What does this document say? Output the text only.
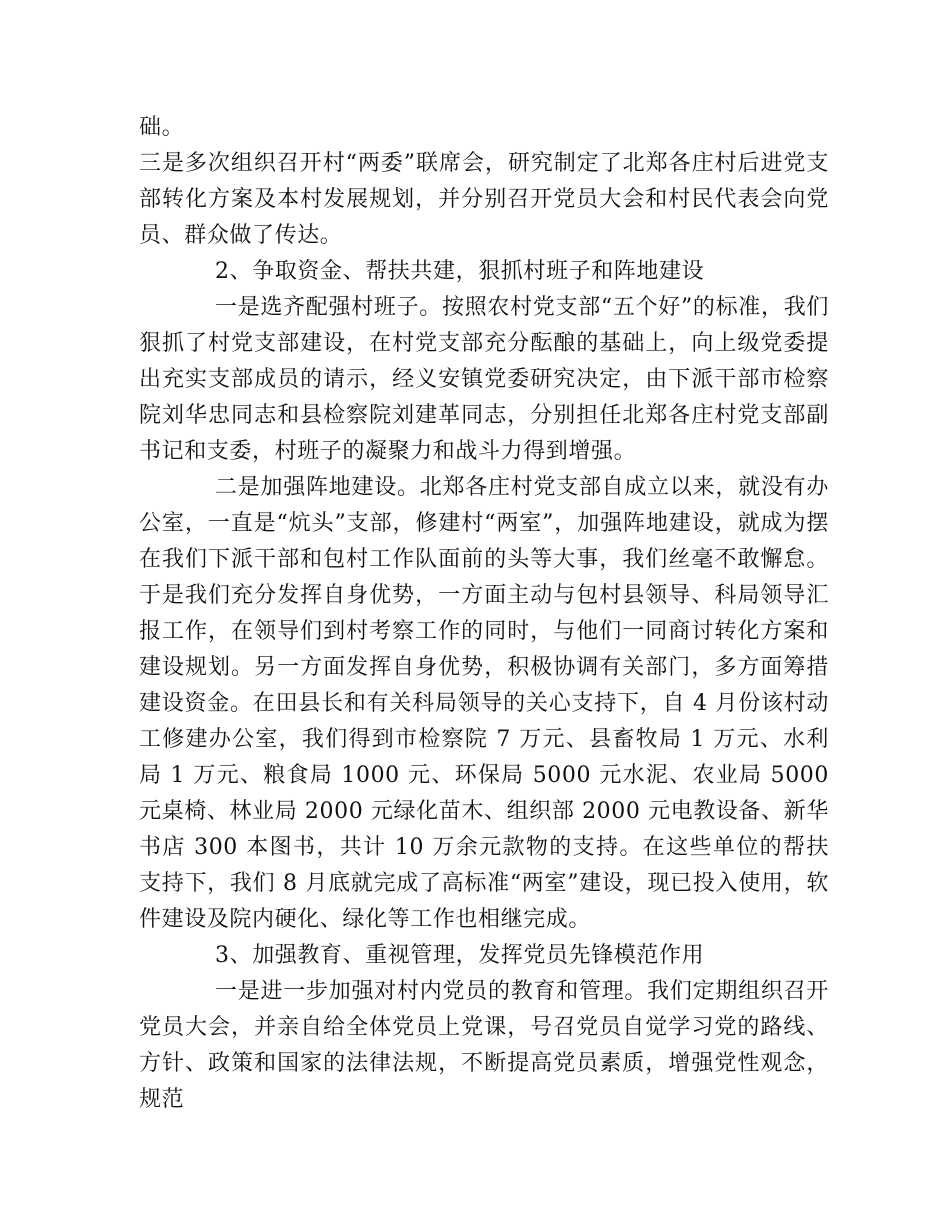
础。

三是多次组织召开村“两委”联席会，研究制定了北郑各庄村后进党支部转化方案及本村发展规划，并分别召开党员大会和村民代表会向党员、群众做了传达。

2、争取资金、帮扶共建，狠抓村班子和阵地建设

一是选齐配强村班子。按照农村党支部“五个好”的标准，我们狠抓了村党支部建设，在村党支部充分酝酿的基础上，向上级党委提出充实支部成员的请示，经义安镇党委研究决定，由下派干部市检察院刘华忠同志和县检察院刘建革同志，分别担任北郑各庄村党支部副书记和支委，村班子的凝聚力和战斗力得到增强。

二是加强阵地建设。北郑各庄村党支部自成立以来，就没有办公室，一直是“炕头”支部，修建村“两室”，加强阵地建设，就成为摆在我们下派干部和包村工作队面前的头等大事，我们丝毫不敢懈怠。于是我们充分发挥自身优势，一方面主动与包村县领导、科局领导汇报工作，在领导们到村考察工作的同时，与他们一同商讨转化方案和建设规划。另一方面发挥自身优势，积极协调有关部门，多方面筹措建设资金。在田县长和有关科局领导的关心支持下，自 4 月份该村动工修建办公室，我们得到市检察院 7 万元、县畜牧局 1 万元、水利局 1 万元、粮食局 1000 元、环保局 5000 元水泥、农业局 5000 元桌椅、林业局 2000 元绿化苗木、组织部 2000 元电教设备、新华书店 300 本图书，共计 10 万余元款物的支持。在这些单位的帮扶支持下，我们 8 月底就完成了高标准“两室”建设，现已投入使用，软件建设及院内硬化、绿化等工作也相继完成。

3、加强教育、重视管理，发挥党员先锋模范作用

一是进一步加强对村内党员的教育和管理。我们定期组织召开党员大会，并亲自给全体党员上党课，号召党员自觉学习党的路线、方针、政策和国家的法律法规，不断提高党员素质，增强党性观念，规范
